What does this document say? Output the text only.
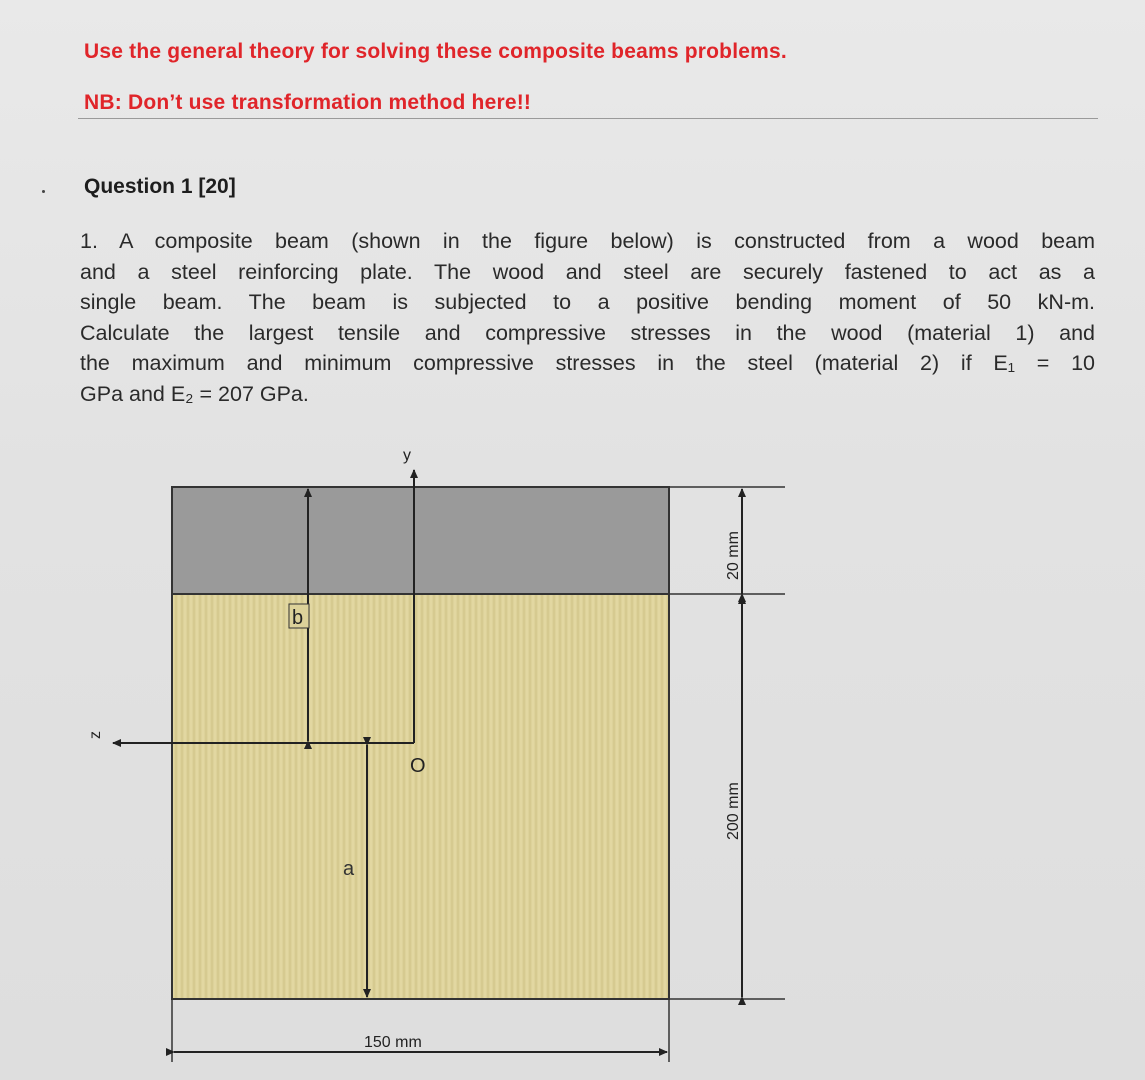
Use the general theory for solving these composite beams problems.
NB: Don’t use transformation method here!!
Question 1 [20]
1. A composite beam (shown in the figure below) is constructed from a wood beam
and a steel reinforcing plate. The wood and steel are securely fastened to act as a
single beam. The beam is subjected to a positive bending moment of 50 kN-m.
Calculate the largest tensile and compressive stresses in the wood (material 1) and
the maximum and minimum compressive stresses in the steel (material 2) if E₁ = 10
GPa and E₂ = 207 GPa.
20 mm
200 mm
150 mm
y
z
O
b
a
